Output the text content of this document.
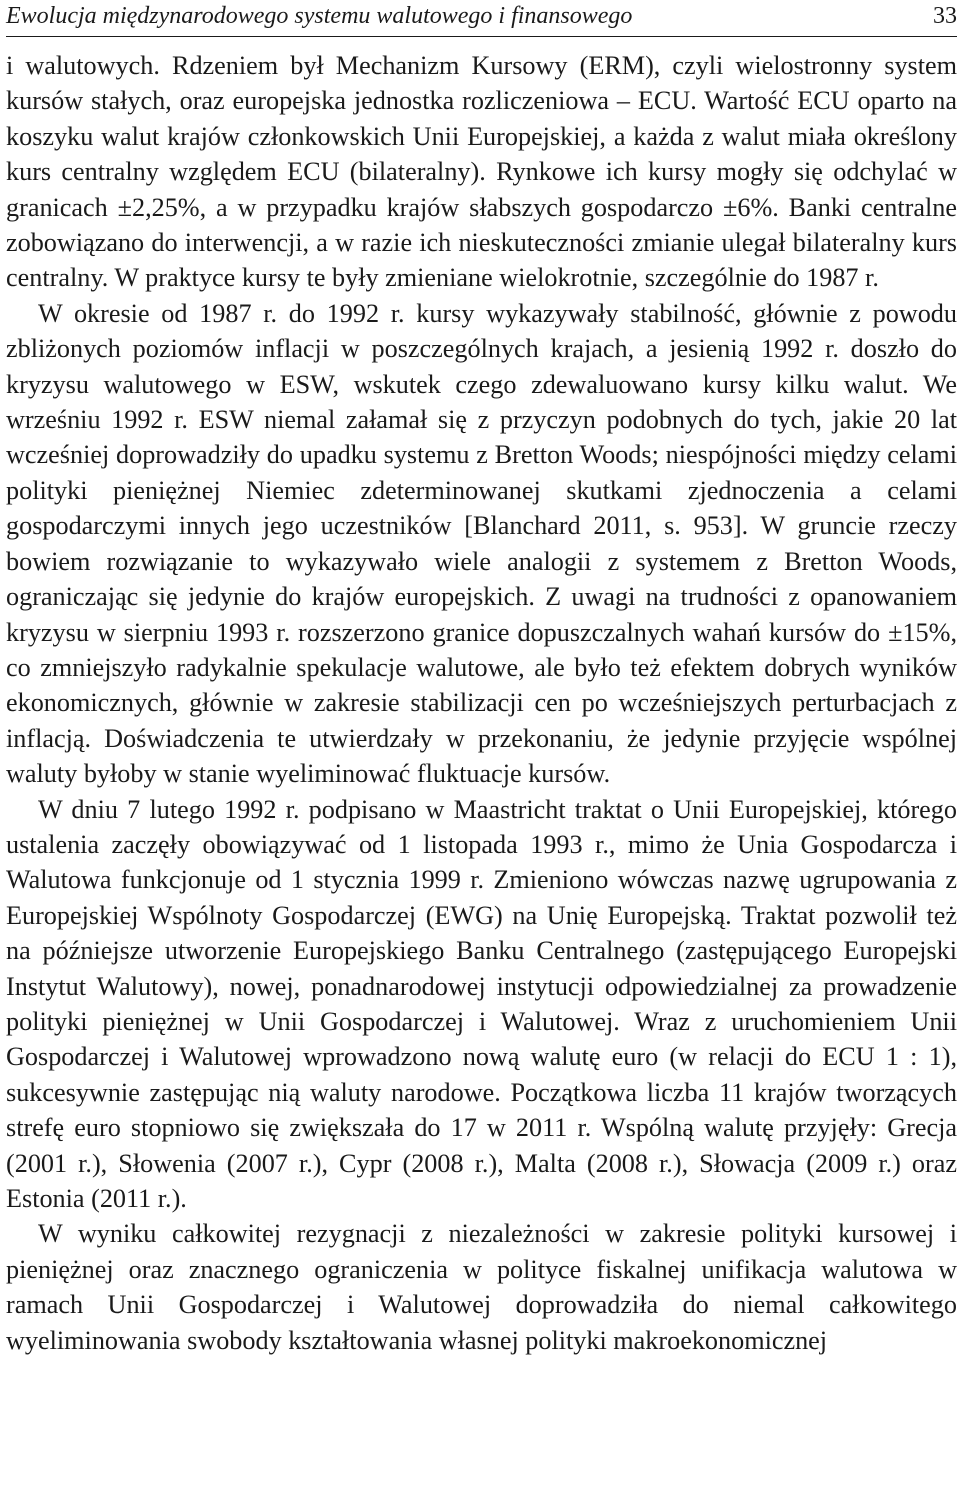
Ewolucja międzynarodowego systemu walutowego i finansowego	33

i walutowych. Rdzeniem był Mechanizm Kursowy (ERM), czyli wielostronny system kursów stałych, oraz europejska jednostka rozliczeniowa – ECU. Wartość ECU oparto na koszyku walut krajów członkowskich Unii Europejskiej, a każda z walut miała określony kurs centralny względem ECU (bilateralny). Rynkowe ich kursy mogły się odchylać w granicach ±2,25%, a w przypadku krajów słabszych gospodarczo ±6%. Banki centralne zobowiązano do interwencji, a w razie ich nieskuteczności zmianie ulegał bilateralny kurs centralny. W praktyce kursy te były zmieniane wielokrotnie, szczególnie do 1987 r.

W okresie od 1987 r. do 1992 r. kursy wykazywały stabilność, głównie z powodu zbliżonych poziomów inflacji w poszczególnych krajach, a jesienią 1992 r. doszło do kryzysu walutowego w ESW, wskutek czego zdewaluowano kursy kilku walut. We wrześniu 1992 r. ESW niemal załamał się z przyczyn podobnych do tych, jakie 20 lat wcześniej doprowadziły do upadku systemu z Bretton Woods; niespójności między celami polityki pieniężnej Niemiec zdeterminowanej skutkami zjednoczenia a celami gospodarczymi innych jego uczestników [Blanchard 2011, s. 953]. W gruncie rzeczy bowiem rozwiązanie to wykazywało wiele analogii z systemem z Bretton Woods, ograniczając się jedynie do krajów europejskich. Z uwagi na trudności z opanowaniem kryzysu w sierpniu 1993 r. rozszerzono granice dopuszczalnych wahań kursów do ±15%, co zmniejszyło radykalnie spekulacje walutowe, ale było też efektem dobrych wyników ekonomicznych, głównie w zakresie stabilizacji cen po wcześniejszych perturbacjach z inflacją. Doświadczenia te utwierdzały w przekonaniu, że jedynie przyjęcie wspólnej waluty byłoby w stanie wyeliminować fluktuacje kursów.

W dniu 7 lutego 1992 r. podpisano w Maastricht traktat o Unii Europejskiej, którego ustalenia zaczęły obowiązywać od 1 listopada 1993 r., mimo że Unia Gospodarcza i Walutowa funkcjonuje od 1 stycznia 1999 r. Zmieniono wówczas nazwę ugrupowania z Europejskiej Wspólnoty Gospodarczej (EWG) na Unię Europejską. Traktat pozwolił też na późniejsze utworzenie Europejskiego Banku Centralnego (zastępującego Europejski Instytut Walutowy), nowej, ponadnarodowej instytucji odpowiedzialnej za prowadzenie polityki pieniężnej w Unii Gospodarczej i Walutowej. Wraz z uruchomieniem Unii Gospodarczej i Walutowej wprowadzono nową walutę euro (w relacji do ECU 1 : 1), sukcesywnie zastępując nią waluty narodowe. Początkowa liczba 11 krajów tworzących strefę euro stopniowo się zwiększała do 17 w 2011 r. Wspólną walutę przyjęły: Grecja (2001 r.), Słowenia (2007 r.), Cypr (2008 r.), Malta (2008 r.), Słowacja (2009 r.) oraz Estonia (2011 r.).

W wyniku całkowitej rezygnacji z niezależności w zakresie polityki kursowej i pieniężnej oraz znacznego ograniczenia w polityce fiskalnej unifikacja walutowa w ramach Unii Gospodarczej i Walutowej doprowadziła do niemal całkowitego wyeliminowania swobody kształtowania własnej polityki makroekonomicznej
